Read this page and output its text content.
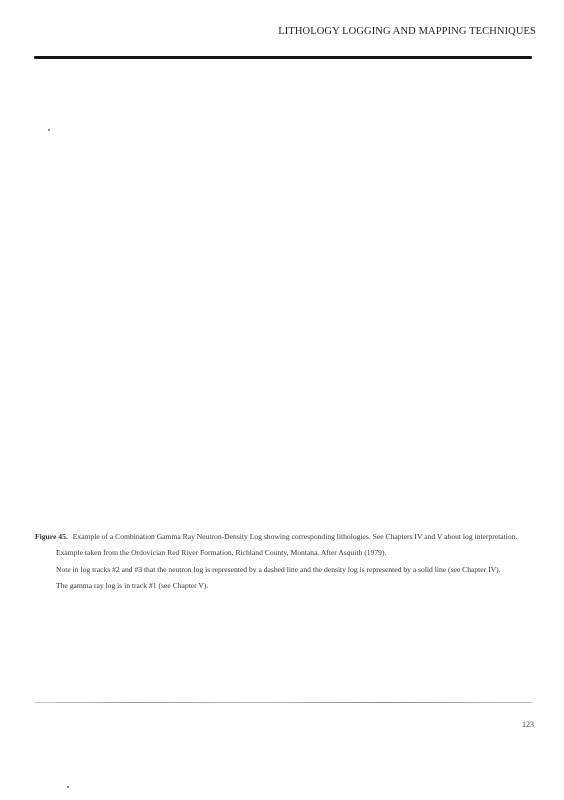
LITHOLOGY LOGGING AND MAPPING TECHNIQUES

Figure 45. Example of a Combination Gamma Ray Neutron-Density Log showing corresponding lithologies. See Chapters IV and V about log interpretation.

Example taken from the Ordovician Red River Formation, Richland County, Montana. After Asquith (1979).

Note in log tracks #2 and #3 that the neutron log is represented by a dashed line and the density log is represented by a solid line (see Chapter IV).

The gamma ray log is in track #1 (see Chapter V).

123
